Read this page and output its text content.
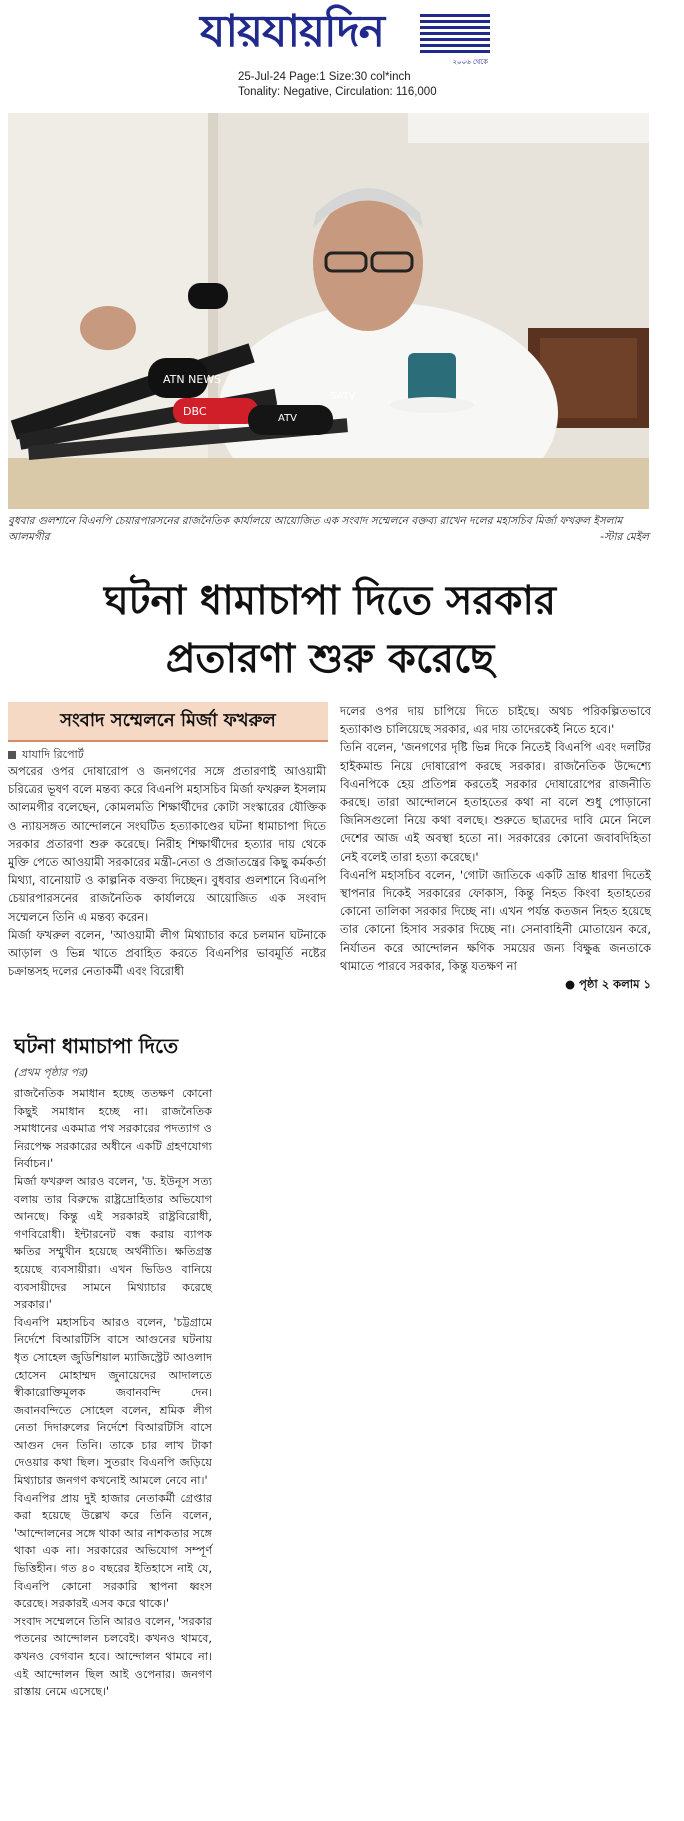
যায়যায়দিন
২০০৬ থেকে
25-Jul-24 Page:1 Size:30 col*inch
Tonality: Negative, Circulation: 116,000
ATN NEWS
DBC
ATV
SATV
বুধবার গুলশানে বিএনপি চেয়ারপারসনের রাজনৈতিক কার্যালয়ে আয়োজিত এক সংবাদ সম্মেলনে বক্তব্য রাখেন দলের মহাসচিব মির্জা ফখরুল ইসলাম আলমগীর	-স্টার মেইল
ঘটনা ধামাচাপা দিতে সরকার
প্রতারণা শুরু করেছে
সংবাদ সম্মেলনে মির্জা ফখরুল
যাযাদি রিপোর্ট

অপরের ওপর দোষারোপ ও জনগণের সঙ্গে প্রতারণাই আওয়ামী চরিত্রের ভূষণ বলে মন্তব্য করে বিএনপি মহাসচিব মির্জা ফখরুল ইসলাম আলমগীর বলেছেন, কোমলমতি শিক্ষার্থীদের কোটা সংস্কারের যৌক্তিক ও ন্যায়সঙ্গত আন্দোলনে সংঘটিত হত্যাকাণ্ডের ঘটনা ধামাচাপা দিতে সরকার প্রতারণা শুরু করেছে। নিরীহ শিক্ষার্থীদের হত্যার দায় থেকে মুক্তি পেতে আওয়ামী সরকারের মন্ত্রী-নেতা ও প্রজাতন্ত্রের কিছু কর্মকর্তা মিথ্যা, বানোয়াট ও কাল্পনিক বক্তব্য দিচ্ছেন। বুধবার গুলশানে বিএনপি চেয়ারপারসনের রাজনৈতিক কার্যালয়ে আয়োজিত এক সংবাদ সম্মেলনে তিনি এ মন্তব্য করেন।

মির্জা ফখরুল বলেন, 'আওয়ামী লীগ মিথ্যাচার করে চলমান ঘটনাকে আড়াল ও ভিন্ন খাতে প্রবাহিত করতে বিএনপির ভাবমূর্তি নষ্টের চক্রান্তসহ দলের নেতাকর্মী এবং বিরোধী

দলের ওপর দায় চাপিয়ে দিতে চাইছে। অথচ পরিকল্পিতভাবে হত্যাকাণ্ড চালিয়েছে সরকার, এর দায় তাদেরকেই নিতে হবে।'

তিনি বলেন, 'জনগণের দৃষ্টি ভিন্ন দিকে নিতেই বিএনপি এবং দলটির হাইকমান্ড নিয়ে দোষারোপ করছে সরকার। রাজনৈতিক উদ্দেশ্যে বিএনপিকে হেয় প্রতিপন্ন করতেই সরকার দোষারোপের রাজনীতি করছে। তারা আন্দোলনে হতাহতের কথা না বলে শুধু পোড়ানো জিনিসগুলো নিয়ে কথা বলছে। শুরুতে ছাত্রদের দাবি মেনে নিলে দেশের আজ এই অবস্থা হতো না। সরকারের কোনো জবাবদিহিতা নেই বলেই তারা হত্যা করেছে।'

বিএনপি মহাসচিব বলেন, 'গোটা জাতিকে একটি ভ্রান্ত ধারণা দিতেই স্থাপনার দিকেই সরকারের ফোকাস, কিন্তু নিহত কিংবা হতাহতের কোনো তালিকা সরকার দিচ্ছে না। এখন পর্যন্ত কতজন নিহত হয়েছে তার কোনো হিসাব সরকার দিচ্ছে না। সেনাবাহিনী মোতায়েন করে, নির্যাতন করে আন্দোলন ক্ষণিক সময়ের জন্য বিক্ষুব্ধ জনতাকে থামাতে পারবে সরকার, কিন্তু যতক্ষণ না

● পৃষ্ঠা ২ কলাম ১

ঘটনা ধামাচাপা দিতে
(প্রথম পৃষ্ঠার পর)

রাজনৈতিক সমাধান হচ্ছে ততক্ষণ কোনো কিছুই সমাধান হচ্ছে না। রাজনৈতিক সমাধানের একমাত্র পথ সরকারের পদত্যাগ ও নিরপেক্ষ সরকারের অধীনে একটি গ্রহণযোগ্য নির্বাচন।'

মির্জা ফখরুল আরও বলেন, 'ড. ইউনূস সত্য বলায় তার বিরুদ্ধে রাষ্ট্রদ্রোহিতার অভিযোগ আনছে। কিন্তু এই সরকারই রাষ্ট্রবিরোধী, গণবিরোধী। ইন্টারনেট বন্ধ করায় ব্যাপক ক্ষতির সম্মুখীন হয়েছে অর্থনীতি। ক্ষতিগ্রস্ত হয়েছে ব্যবসায়ীরা। এখন ভিডিও বানিয়ে ব্যবসায়ীদের সামনে মিথ্যাচার করেছে সরকার।'

বিএনপি মহাসচিব আরও বলেন, 'চট্টগ্রামে নির্দেশে বিআরটিসি বাসে আগুনের ঘটনায় ধৃত সোহেল জুডিশিয়াল ম্যাজিস্ট্রেট আওলাদ হোসেন মোহাম্মদ জুনায়েদের আদালতে স্বীকারোক্তিমূলক জবানবন্দি দেন। জবানবন্দিতে সোহেল বলেন, শ্রমিক লীগ নেতা দিদারুলের নির্দেশে বিআরটিসি বাসে আগুন দেন তিনি। তাকে চার লাখ টাকা দেওয়ার কথা ছিল। সুতরাং বিএনপি জড়িয়ে মিথ্যাচার জনগণ কখনোই আমলে নেবে না।'

বিএনপির প্রায় দুই হাজার নেতাকর্মী গ্রেপ্তার করা হয়েছে উল্লেখ করে তিনি বলেন, 'আন্দোলনের সঙ্গে থাকা আর নাশকতার সঙ্গে থাকা এক না। সরকারের অভিযোগ সম্পূর্ণ ভিত্তিহীন। গত ৪০ বছরের ইতিহাসে নাই যে, বিএনপি কোনো সরকারি স্থাপনা ধ্বংস করেছে। সরকারই এসব করে থাকে।'

সংবাদ সম্মেলনে তিনি আরও বলেন, 'সরকার পতনের আন্দোলন চলবেই। কখনও থামবে, কখনও বেগবান হবে। আন্দোলন থামবে না। এই আন্দোলন ছিল আই ওপেনার। জনগণ রাস্তায় নেমে এসেছে।'
